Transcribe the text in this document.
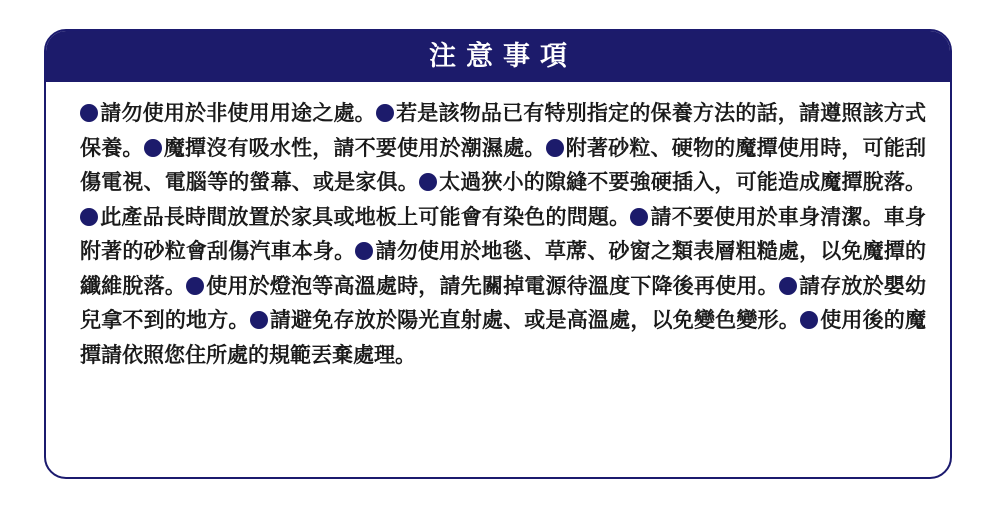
注意事項
請勿使用於非使用用途之處。 若是該物品已有特別指定的保養方法的話，請遵照該方式保養。 魔撢沒有吸水性，請不要使用於潮濕處。 附著砂粒、硬物的魔撢使用時，可能刮傷電視、電腦等的螢幕、或是家俱。 太過狹小的隙縫不要強硬插入，可能造成魔撢脫落。此產品長時間放置於家具或地板上可能會有染色的問題。 請不要使用於車身清潔。車身附著的砂粒會刮傷汽車本身。 請勿使用於地毯、草蓆、砂窗之類表層粗糙處，以免魔撢的纖維脫落。 使用於燈泡等高溫處時，請先關掉電源待溫度下降後再使用。 請存放於嬰幼兒拿不到的地方。 請避免存放於陽光直射處、或是高溫處，以免變色變形。 使用後的魔撢請依照您住所處的規範丟棄處理。
